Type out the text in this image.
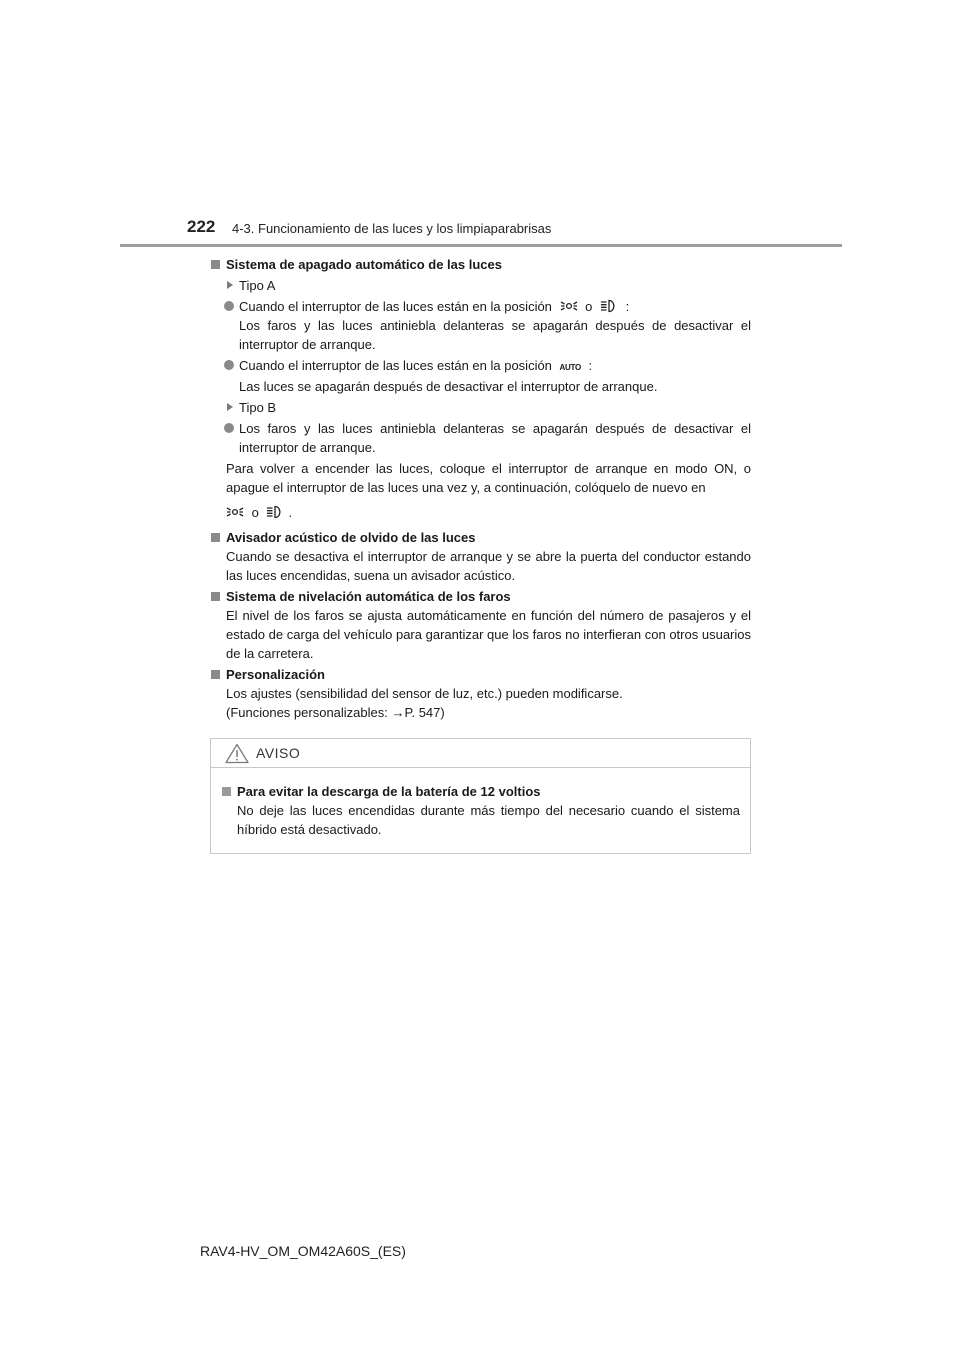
222 4-3. Funcionamiento de las luces y los limpiaparabrisas
Sistema de apagado automático de las luces
Tipo A
Cuando el interruptor de las luces están en la posición	o	:
Los faros y las luces antiniebla delanteras se apagarán después de desactivar el interruptor de arranque.
Cuando el interruptor de las luces están en la posición AUTO :
Las luces se apagarán después de desactivar el interruptor de arranque.
Tipo B
Los faros y las luces antiniebla delanteras se apagarán después de desactivar el interruptor de arranque.
Para volver a encender las luces, coloque el interruptor de arranque en modo ON, o apague el interruptor de las luces una vez y, a continuación, colóquelo de nuevo en
o .
Avisador acústico de olvido de las luces
Cuando se desactiva el interruptor de arranque y se abre la puerta del conductor estando las luces encendidas, suena un avisador acústico.
Sistema de nivelación automática de los faros
El nivel de los faros se ajusta automáticamente en función del número de pasajeros y el estado de carga del vehículo para garantizar que los faros no interfieran con otros usuarios de la carretera.
Personalización
Los ajustes (sensibilidad del sensor de luz, etc.) pueden modificarse.
(Funciones personalizables: →P. 547)
AVISO
Para evitar la descarga de la batería de 12 voltios
No deje las luces encendidas durante más tiempo del necesario cuando el sistema híbrido está desactivado.
RAV4-HV_OM_OM42A60S_(ES)
